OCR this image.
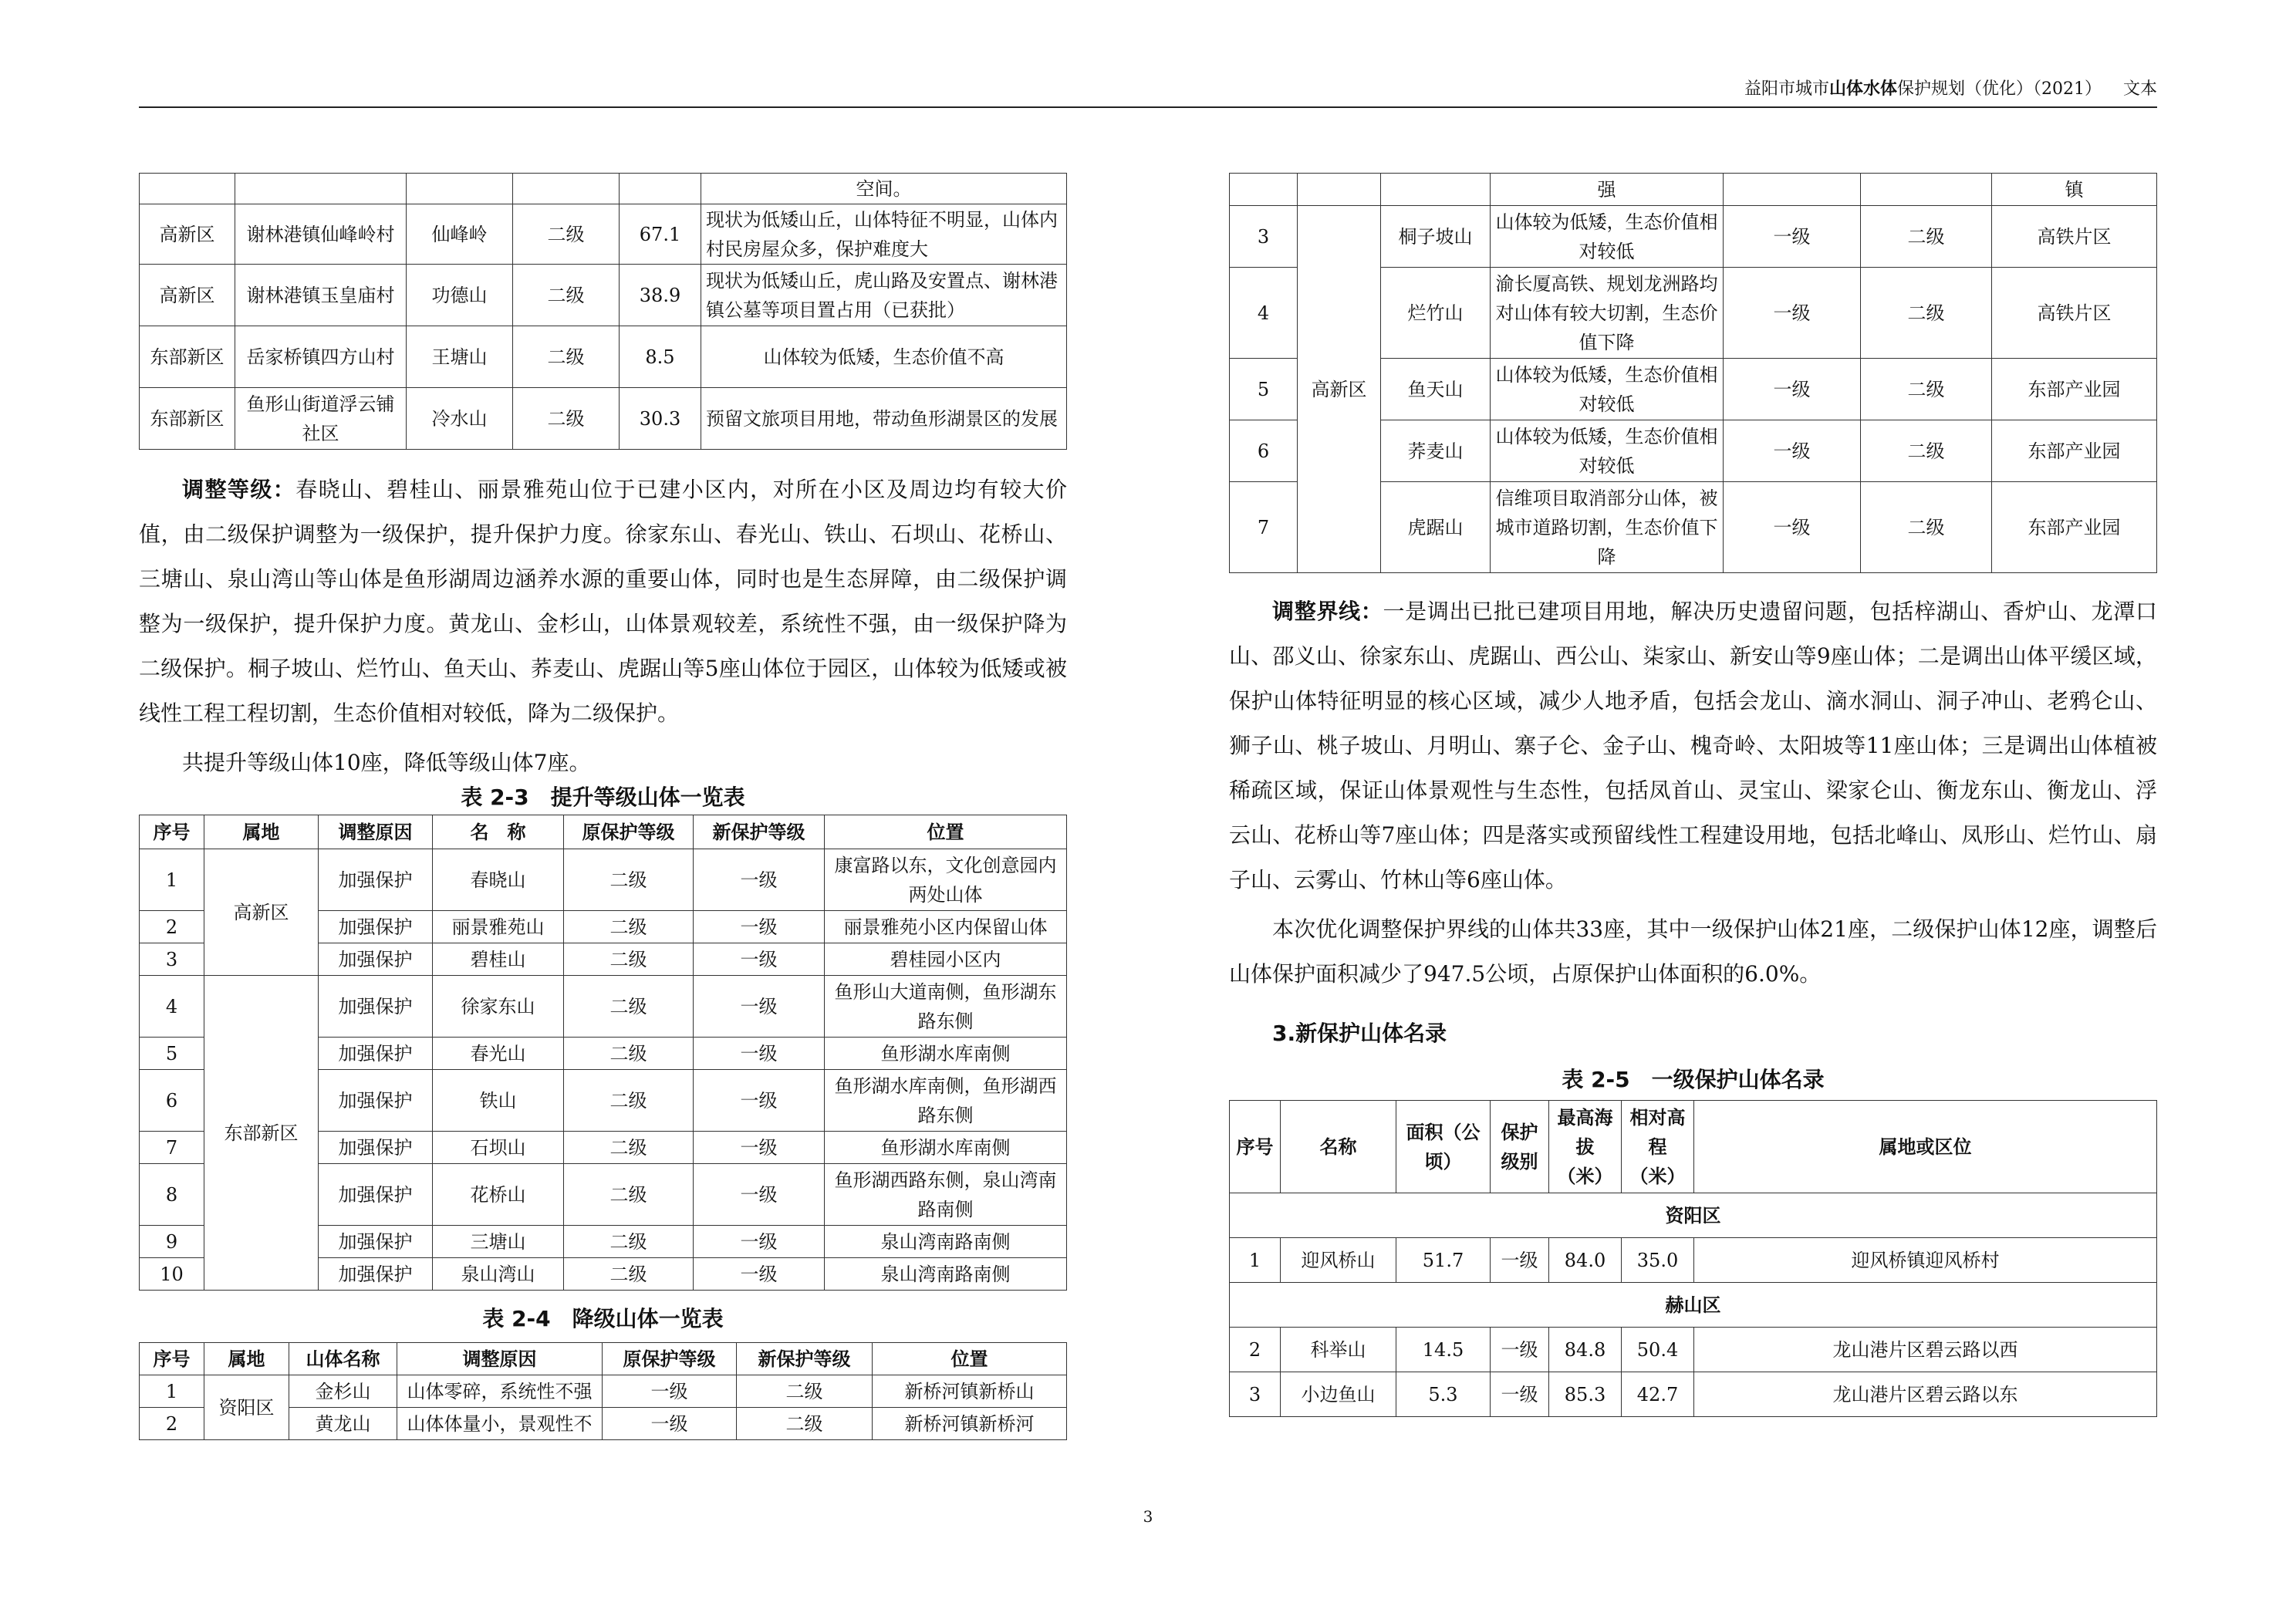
益阳市城市山体水体保护规划（优化）（2021） 文本
					空间。
高新区	谢林港镇仙峰岭村	仙峰岭	二级	67.1	现状为低矮山丘，山体特征不明显，山体内村民房屋众多，保护难度大
高新区	谢林港镇玉皇庙村	功德山	二级	38.9	现状为低矮山丘，虎山路及安置点、谢林港镇公墓等项目置占用（已获批）
东部新区	岳家桥镇四方山村	王塘山	二级	8.5	山体较为低矮，生态价值不高
东部新区	鱼形山街道浮云铺社区	冷水山	二级	30.3	预留文旅项目用地，带动鱼形湖景区的发展

调整等级：春晓山、碧桂山、丽景雅苑山位于已建小区内，对所在小区及周边均有较大价值，由二级保护调整为一级保护，提升保护力度。徐家东山、春光山、铁山、石坝山、花桥山、三塘山、泉山湾山等山体是鱼形湖周边涵养水源的重要山体，同时也是生态屏障，由二级保护调整为一级保护，提升保护力度。黄龙山、金杉山，山体景观较差，系统性不强，由一级保护降为二级保护。桐子坡山、烂竹山、鱼天山、荞麦山、虎踞山等5座山体位于园区，山体较为低矮或被线性工程工程切割，生态价值相对较低，降为二级保护。

共提升等级山体10座，降低等级山体7座。

表 2-3　提升等级山体一览表
序号	属地	调整原因	名　称	原保护等级	新保护等级	位置
1	高新区	加强保护	春晓山	二级	一级	康富路以东，文化创意园内两处山体
2		加强保护	丽景雅苑山	二级	一级	丽景雅苑小区内保留山体
3		加强保护	碧桂山	二级	一级	碧桂园小区内
4	东部新区	加强保护	徐家东山	二级	一级	鱼形山大道南侧，鱼形湖东路东侧
5		加强保护	春光山	二级	一级	鱼形湖水库南侧
6		加强保护	铁山	二级	一级	鱼形湖水库南侧，鱼形湖西路东侧
7		加强保护	石坝山	二级	一级	鱼形湖水库南侧
8		加强保护	花桥山	二级	一级	鱼形湖西路东侧，泉山湾南路南侧
9		加强保护	三塘山	二级	一级	泉山湾南路南侧
10		加强保护	泉山湾山	二级	一级	泉山湾南路南侧
表 2-4　降级山体一览表
序号	属地	山体名称	调整原因	原保护等级	新保护等级	位置
1	资阳区	金杉山	山体零碎，系统性不强	一级	二级	新桥河镇新桥山
2		黄龙山	山体体量小，景观性不	一级	二级	新桥河镇新桥河
			强			镇
3	高新区	桐子坡山	山体较为低矮，生态价值相对较低	一级	二级	高铁片区
4		烂竹山	渝长厦高铁、规划龙洲路均对山体有较大切割，生态价值下降	一级	二级	高铁片区
5		鱼天山	山体较为低矮，生态价值相对较低	一级	二级	东部产业园
6		荞麦山	山体较为低矮，生态价值相对较低	一级	二级	东部产业园
7		虎踞山	信维项目取消部分山体，被城市道路切割，生态价值下降	一级	二级	东部产业园

调整界线：一是调出已批已建项目用地，解决历史遗留问题，包括梓湖山、香炉山、龙潭口山、邵义山、徐家东山、虎踞山、西公山、柒家山、新安山等9座山体；二是调出山体平缓区域，保护山体特征明显的核心区域，减少人地矛盾，包括会龙山、滴水洞山、洞子冲山、老鸦仑山、狮子山、桃子坡山、月明山、寨子仑、金子山、槐奇岭、太阳坡等11座山体；三是调出山体植被稀疏区域，保证山体景观性与生态性，包括凤首山、灵宝山、梁家仑山、衡龙东山、衡龙山、浮云山、花桥山等7座山体；四是落实或预留线性工程建设用地，包括北峰山、凤形山、烂竹山、扇子山、云雾山、竹林山等6座山体。

本次优化调整保护界线的山体共33座，其中一级保护山体21座，二级保护山体12座，调整后山体保护面积减少了947.5公顷，占原保护山体面积的6.0%。

3.新保护山体名录
表 2-5　一级保护山体名录
序号	名称	面积（公顷）	保护级别	最高海拔（米）	相对高程（米）	属地或区位
资阳区						
1	迎风桥山	51.7	一级	84.0	35.0	迎风桥镇迎风桥村
赫山区						
2	科举山	14.5	一级	84.8	50.4	龙山港片区碧云路以西
3	小边鱼山	5.3	一级	85.3	42.7	龙山港片区碧云路以东
3
